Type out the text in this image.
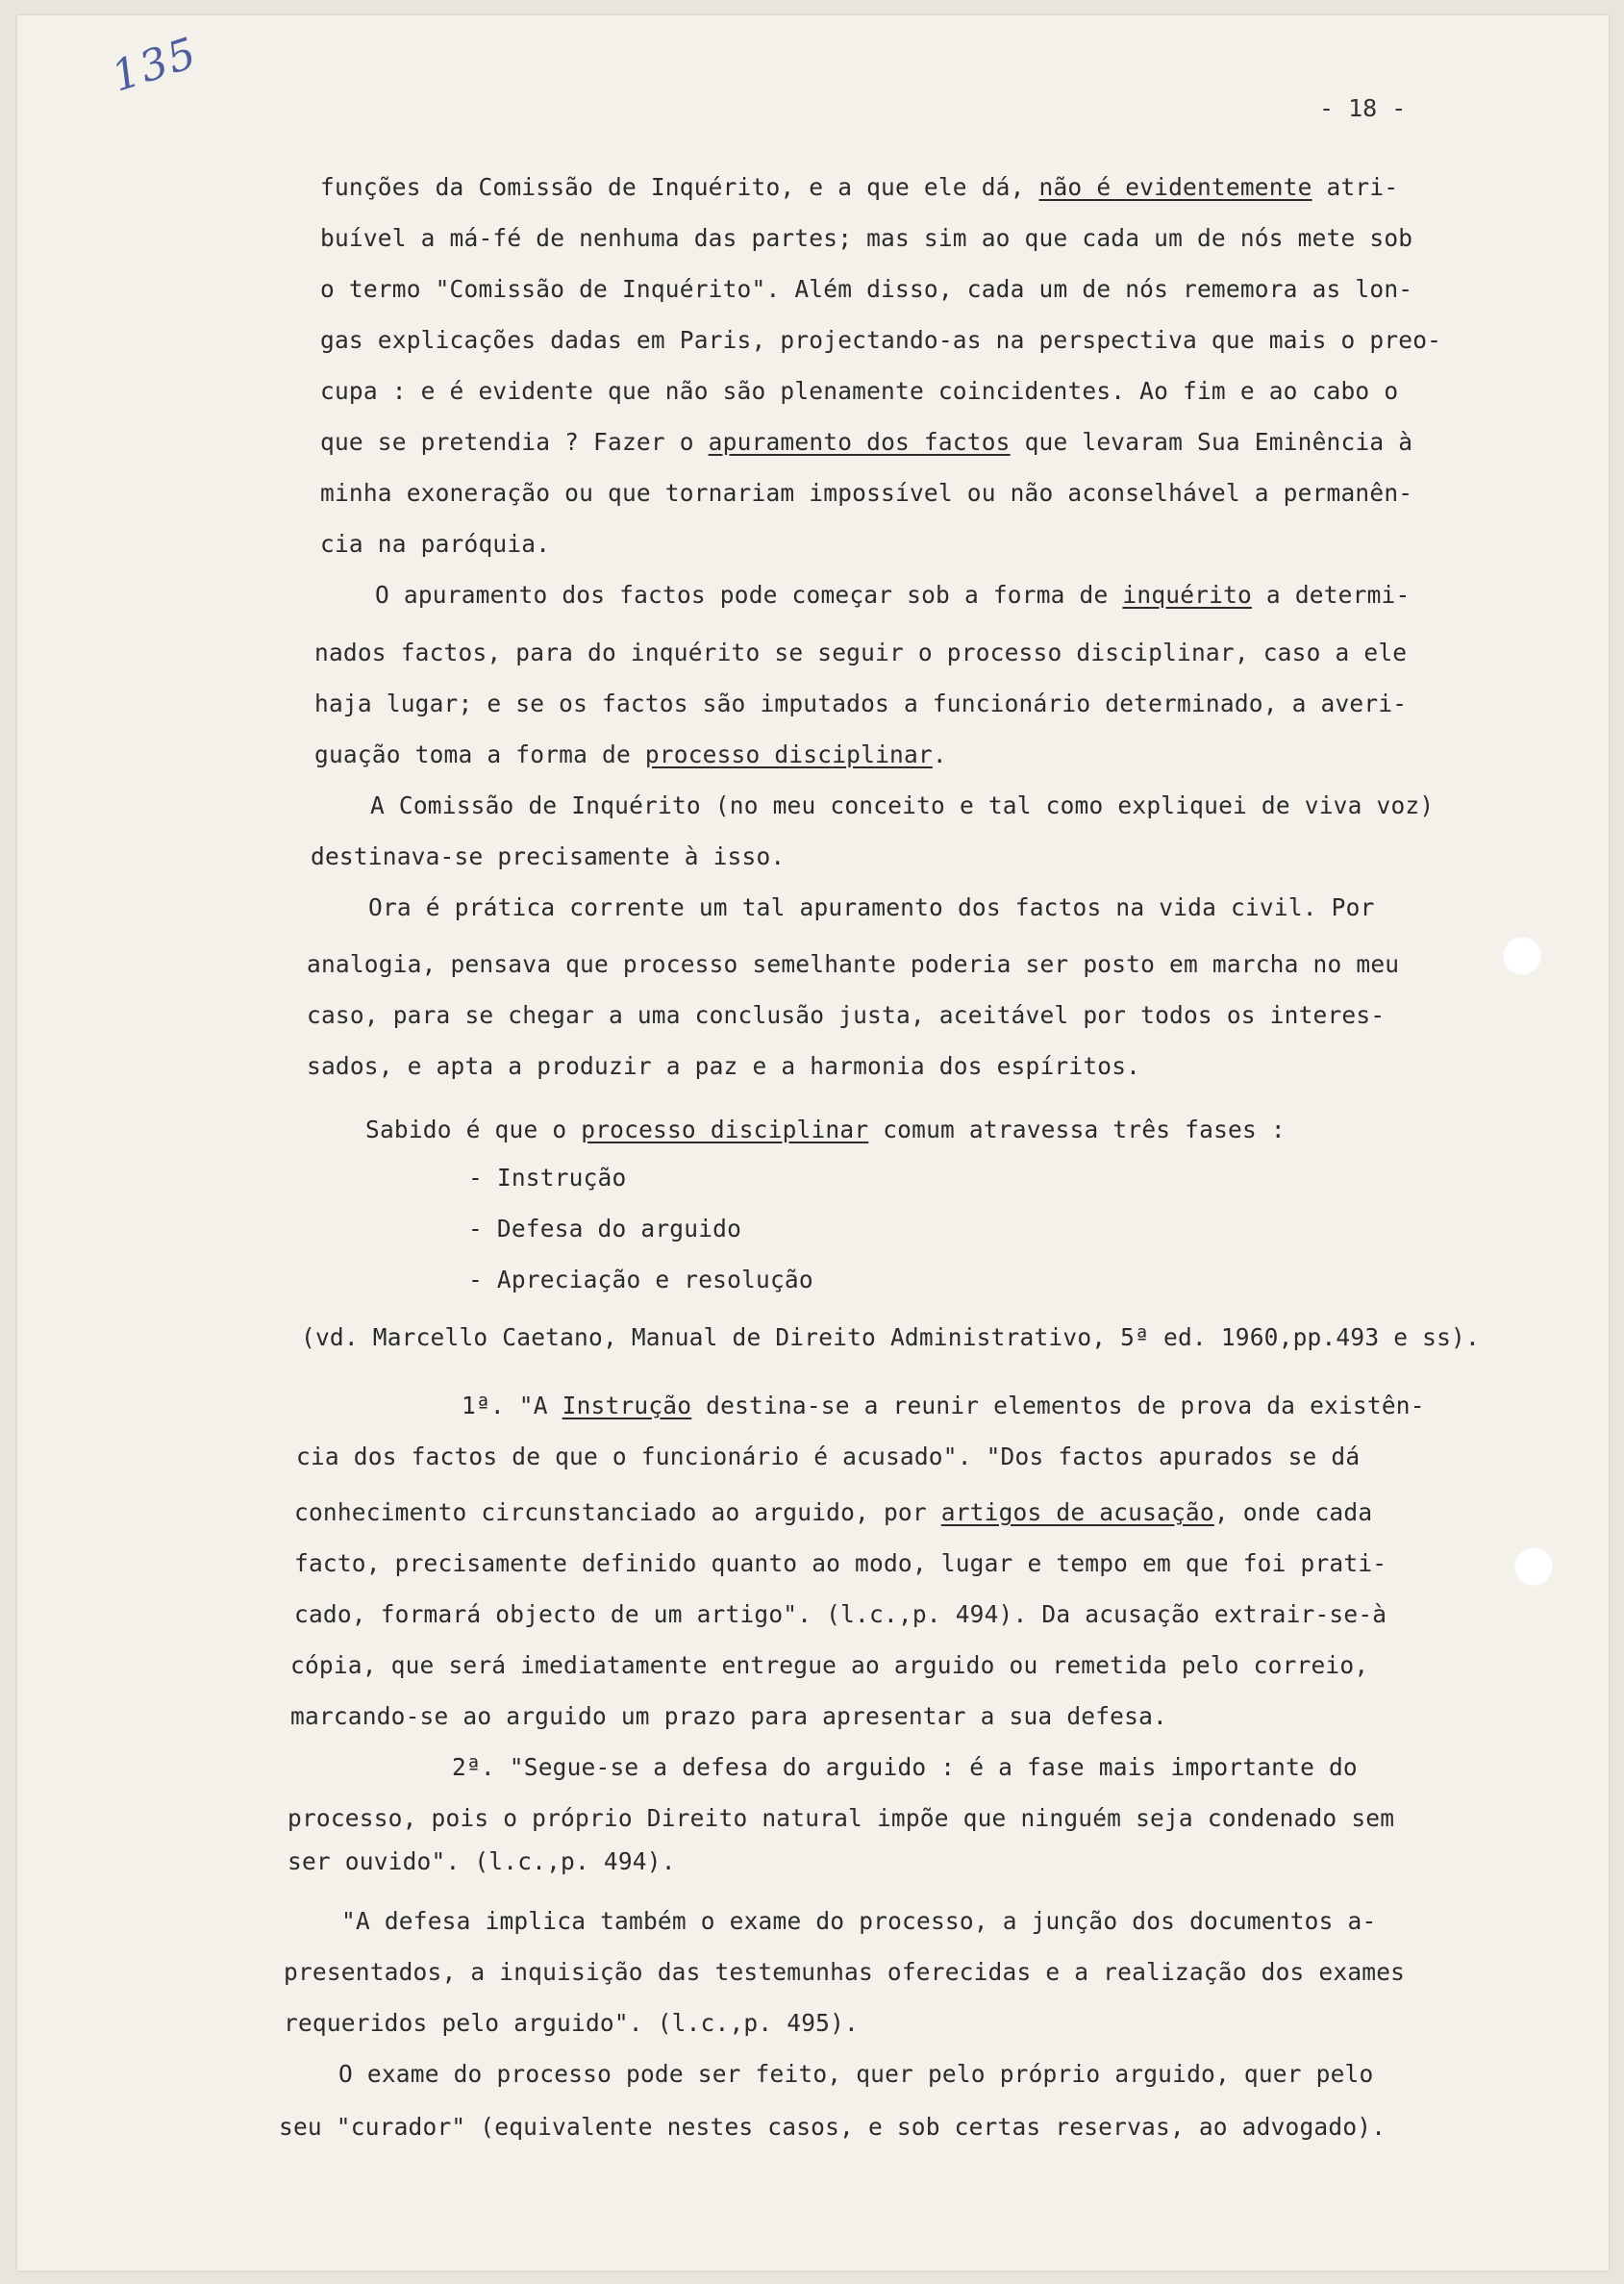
135
- 18 -
funções da Comissão de Inquérito, e a que ele dá, não é evidentemente atri-
buível a má-fé de nenhuma das partes; mas sim ao que cada um de nós mete sob
o termo "Comissão de Inquérito". Além disso, cada um de nós rememora as lon-
gas explicações dadas em Paris, projectando-as na perspectiva que mais o preo-
cupa : e é evidente que não são plenamente coincidentes. Ao fim e ao cabo o
que se pretendia ? Fazer o apuramento dos factos que levaram Sua Eminência à
minha exoneração ou que tornariam impossível ou não aconselhável a permanên-
cia na paróquia.
O apuramento dos factos pode começar sob a forma de inquérito a determi-
nados factos, para do inquérito se seguir o processo disciplinar, caso a ele
haja lugar; e se os factos são imputados a funcionário determinado, a averi-
guação toma a forma de processo disciplinar.
A Comissão de Inquérito (no meu conceito e tal como expliquei de viva voz)
destinava-se precisamente à isso.
Ora é prática corrente um tal apuramento dos factos na vida civil. Por
analogia, pensava que processo semelhante poderia ser posto em marcha no meu
caso, para se chegar a uma conclusão justa, aceitável por todos os interes-
sados, e apta a produzir a paz e a harmonia dos espíritos.
Sabido é que o processo disciplinar comum atravessa três fases :
- Instrução
- Defesa do arguido
- Apreciação e resolução
(vd. Marcello Caetano, Manual de Direito Administrativo, 5ª ed. 1960,pp.493 e ss).
1ª. "A Instrução destina-se a reunir elementos de prova da existên-
cia dos factos de que o funcionário é acusado". "Dos factos apurados se dá
conhecimento circunstanciado ao arguido, por artigos de acusação, onde cada
facto, precisamente definido quanto ao modo, lugar e tempo em que foi prati-
cado, formará objecto de um artigo". (l.c.,p. 494). Da acusação extrair-se-à
cópia, que será imediatamente entregue ao arguido ou remetida pelo correio,
marcando-se ao arguido um prazo para apresentar a sua defesa.
2ª. "Segue-se a defesa do arguido : é a fase mais importante do
processo, pois o próprio Direito natural impõe que ninguém seja condenado sem
ser ouvido". (l.c.,p. 494).
"A defesa implica também o exame do processo, a junção dos documentos a-
presentados, a inquisição das testemunhas oferecidas e a realização dos exames
requeridos pelo arguido". (l.c.,p. 495).
O exame do processo pode ser feito, quer pelo próprio arguido, quer pelo
seu "curador" (equivalente nestes casos, e sob certas reservas, ao advogado).
